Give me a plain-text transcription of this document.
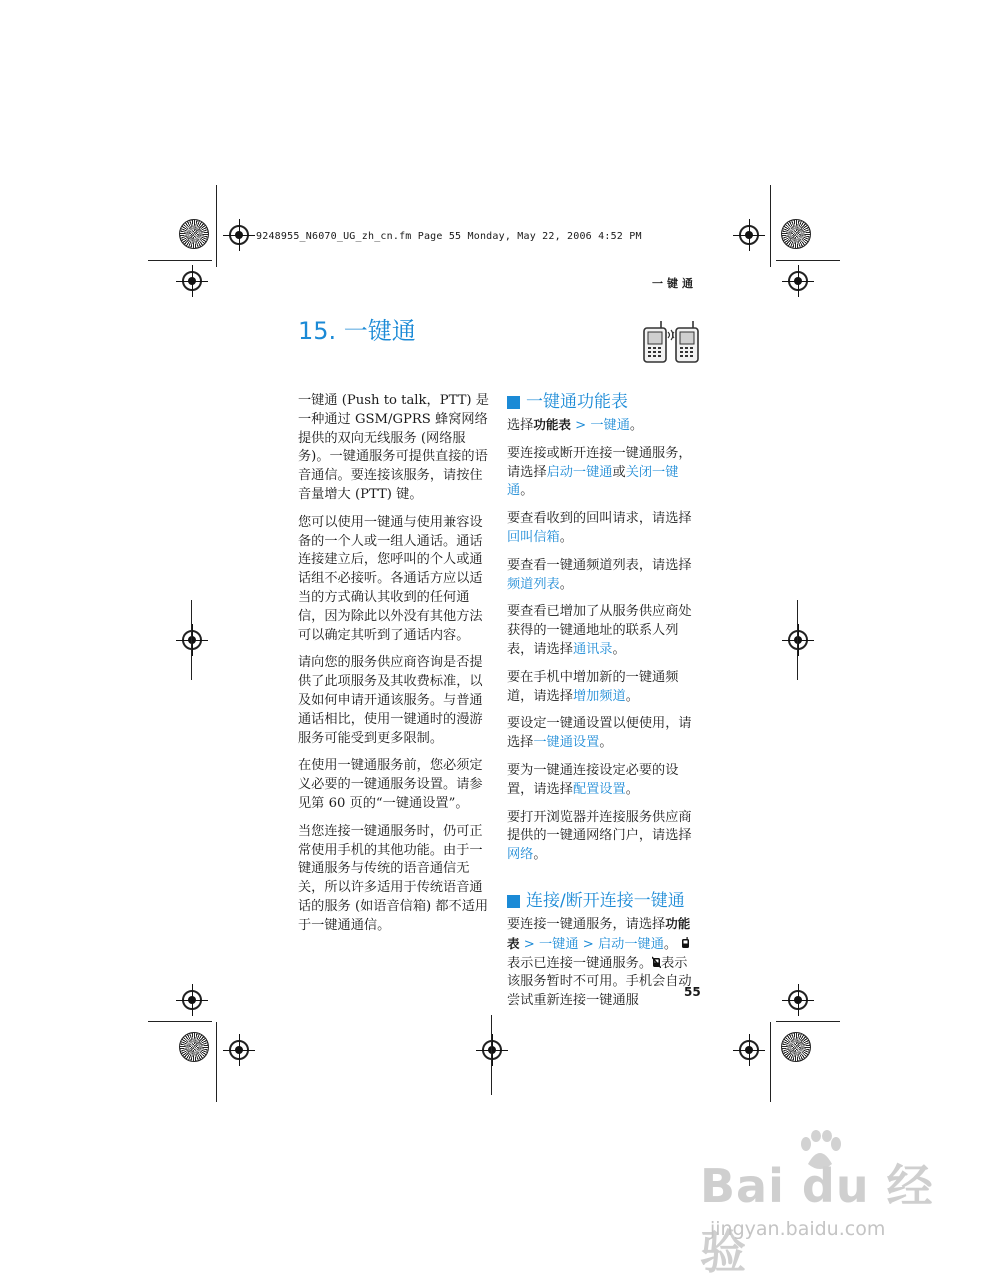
9248955_N6070_UG_zh_cn.fm Page 55 Monday, May 22, 2006 4:52 PM
一键通
15. 一键通

一键通 (Push to talk，PTT) 是一种通过 GSM/GPRS 蜂窝网络提供的双向无线服务 (网络服务)。一键通服务可提供直接的语音通信。要连接该服务，请按住音量增大 (PTT) 键。

您可以使用一键通与使用兼容设备的一个人或一组人通话。通话连接建立后，您呼叫的个人或通话组不必接听。各通话方应以适当的方式确认其收到的任何通信，因为除此以外没有其他方法可以确定其听到了通话内容。

请向您的服务供应商咨询是否提供了此项服务及其收费标准，以及如何申请开通该服务。与普通通话相比，使用一键通时的漫游服务可能受到更多限制。

在使用一键通服务前，您必须定义必要的一键通服务设置。请参见第 60 页的“一键通设置”。

当您连接一键通服务时，仍可正常使用手机的其他功能。由于一键通服务与传统的语音通信无关，所以许多适用于传统语音通话的服务 (如语音信箱) 都不适用于一键通通信。

一键通功能表

选择功能表 > 一键通。

要连接或断开连接一键通服务，请选择启动一键通或关闭一键通。

要查看收到的回叫请求，请选择回叫信箱。

要查看一键通频道列表，请选择频道列表。

要查看已增加了从服务供应商处获得的一键通地址的联系人列表，请选择通讯录。

要在手机中增加新的一键通频道，请选择增加频道。

要设定一键通设置以便使用，请选择一键通设置。

要为一键通连接设定必要的设置，请选择配置设置。

要打开浏览器并连接服务供应商提供的一键通网络门户，请选择网络。

连接/断开连接一键通

要连接一键通服务，请选择功能表 > 一键通 > 启动一键通。 表示已连接一键通服务。 表示该服务暂时不可用。手机会自动尝试重新连接一键通服

55
Bai du 经验
jingyan.baidu.com
